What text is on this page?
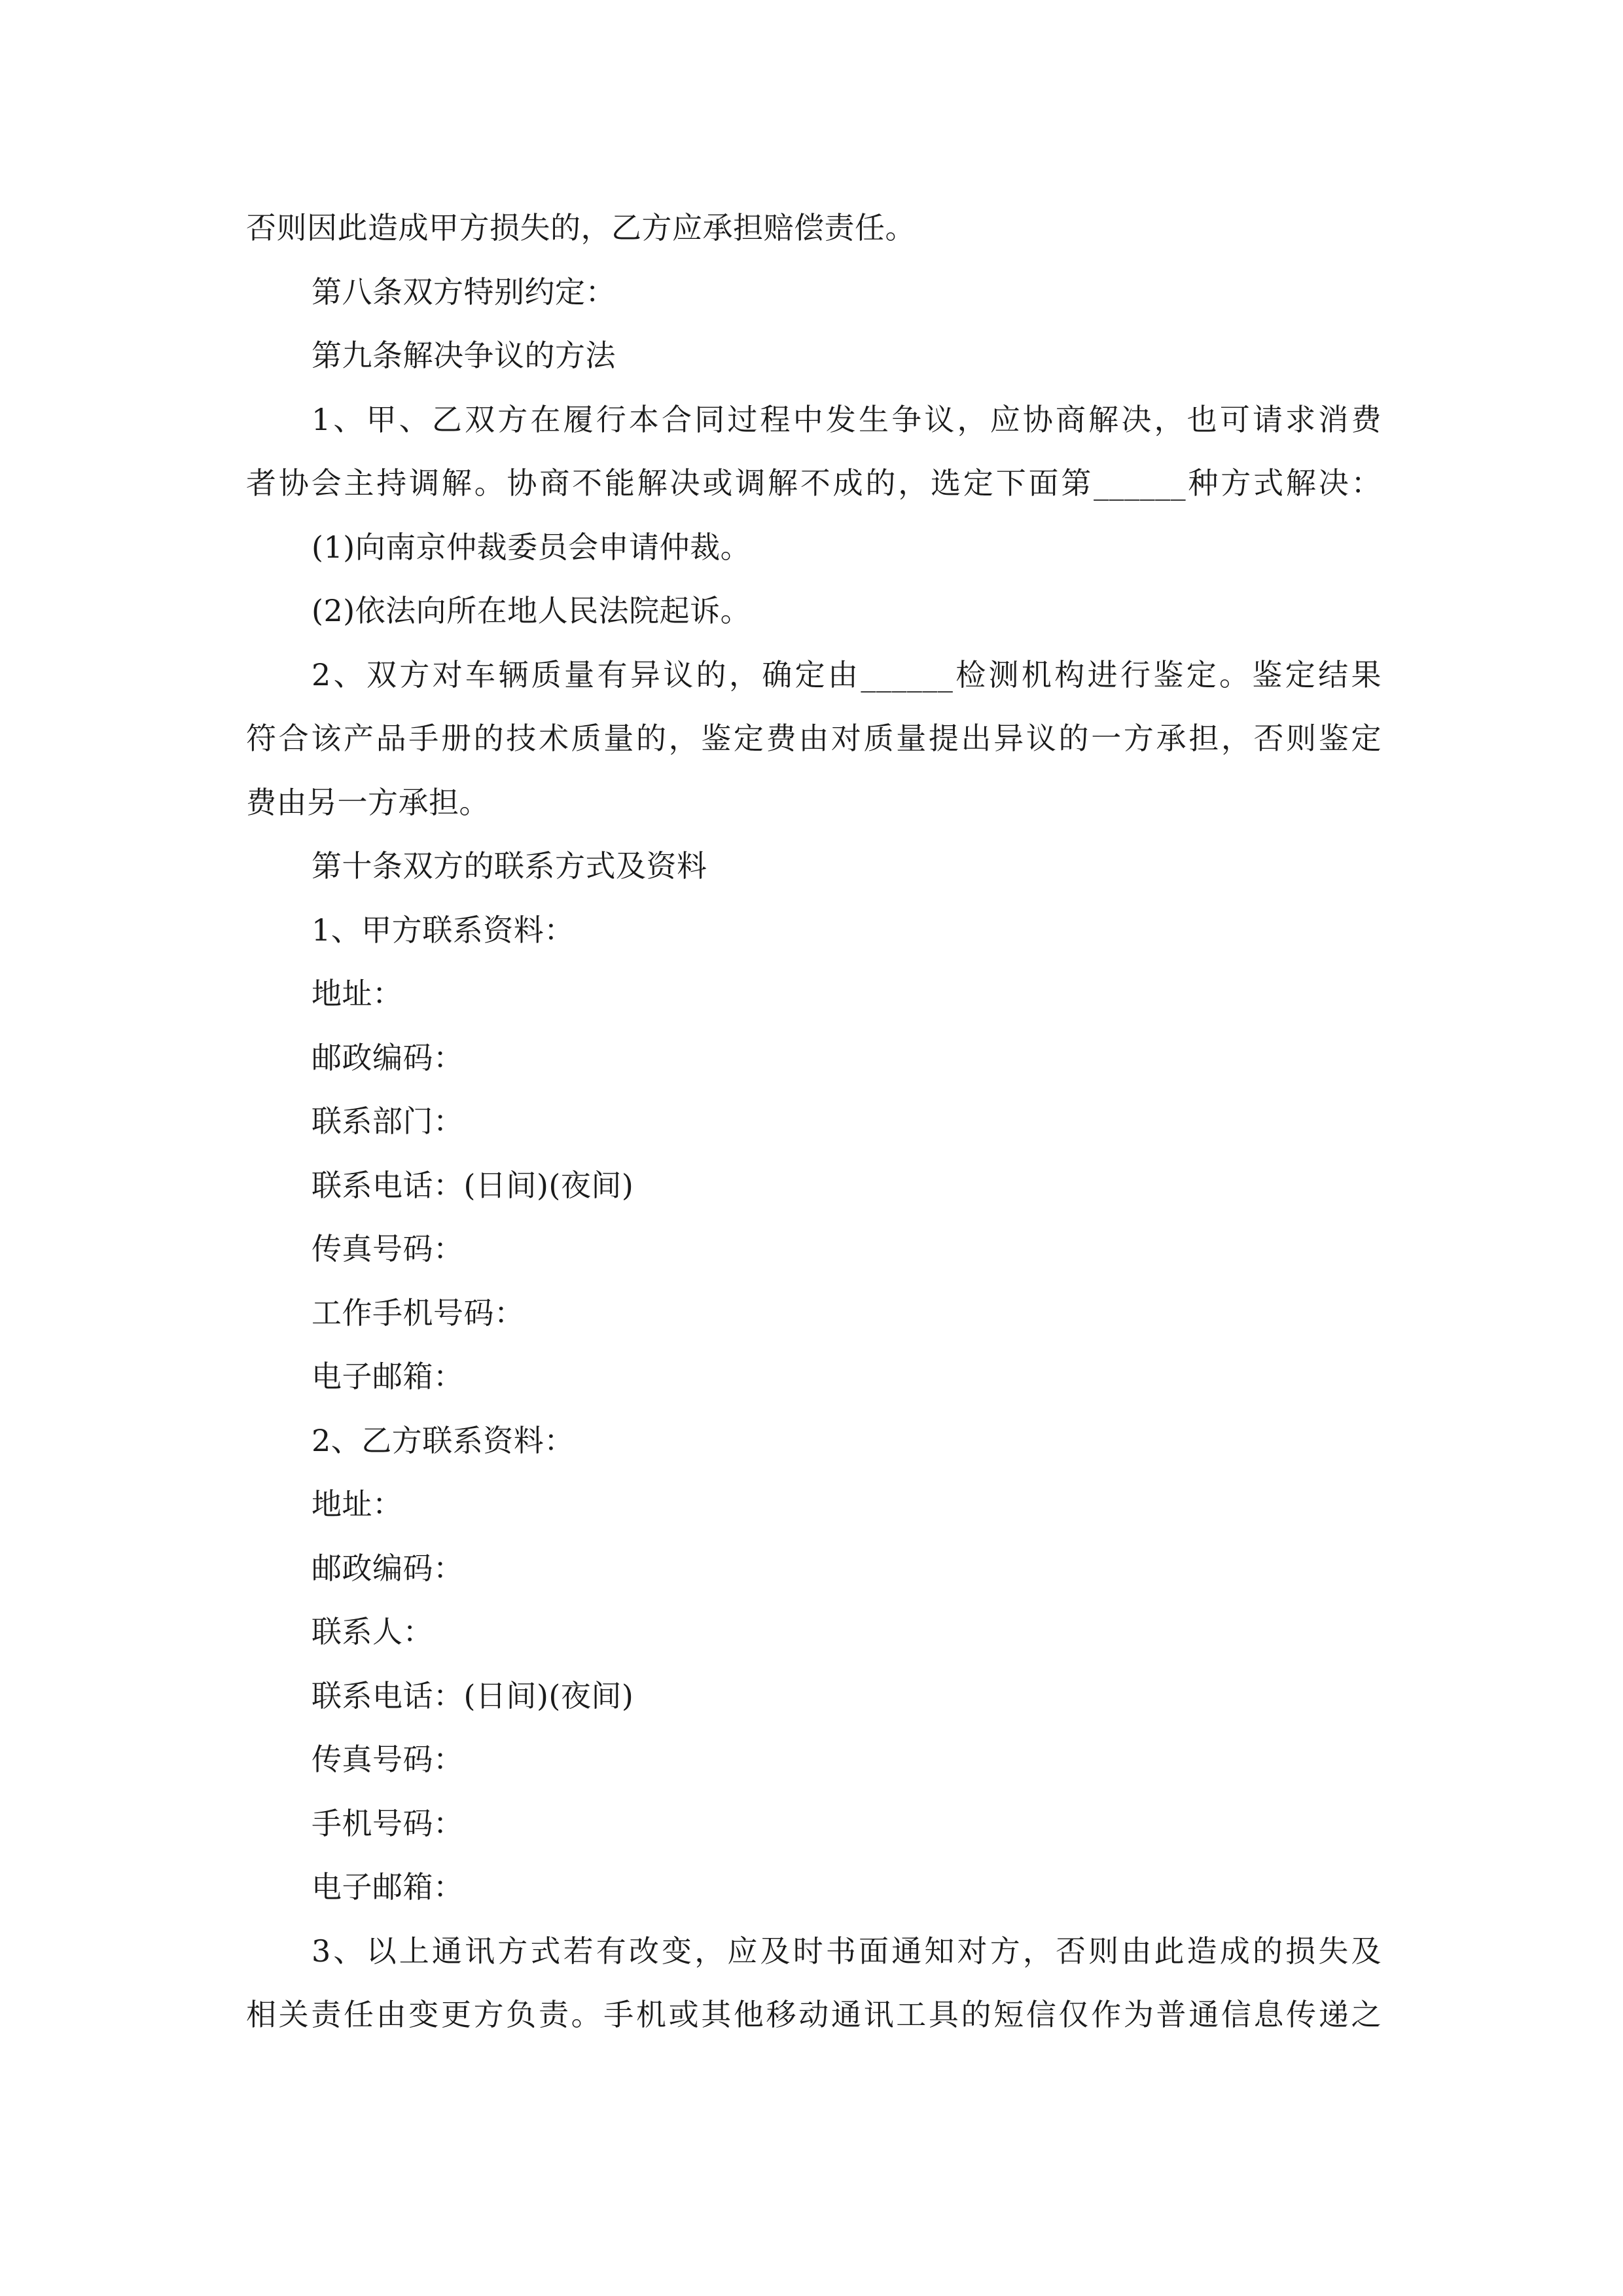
否则因此造成甲方损失的，乙方应承担赔偿责任。
第八条双方特别约定：
第九条解决争议的方法
1、甲、乙双方在履行本合同过程中发生争议，应协商解决，也可请求消费
者协会主持调解。协商不能解决或调解不成的，选定下面第______种方式解决：
(1)向南京仲裁委员会申请仲裁。
(2)依法向所在地人民法院起诉。
2、双方对车辆质量有异议的，确定由______检测机构进行鉴定。鉴定结果
符合该产品手册的技术质量的，鉴定费由对质量提出异议的一方承担，否则鉴定
费由另一方承担。
第十条双方的联系方式及资料
1、甲方联系资料：
地址：
邮政编码：
联系部门：
联系电话：(日间)(夜间)
传真号码：
工作手机号码：
电子邮箱：
2、乙方联系资料：
地址：
邮政编码：
联系人：
联系电话：(日间)(夜间)
传真号码：
手机号码：
电子邮箱：
3、以上通讯方式若有改变，应及时书面通知对方，否则由此造成的损失及
相关责任由变更方负责。手机或其他移动通讯工具的短信仅作为普通信息传递之
